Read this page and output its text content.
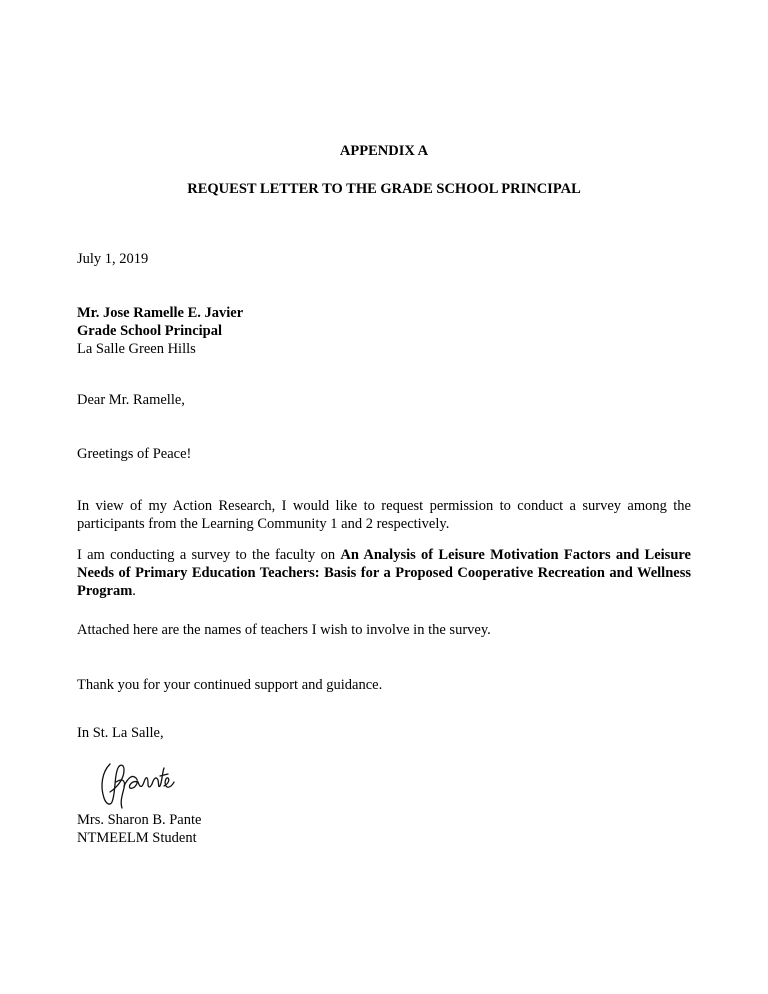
APPENDIX A
REQUEST LETTER TO THE GRADE SCHOOL PRINCIPAL
July 1, 2019
Mr. Jose Ramelle E. Javier
Grade School Principal
La Salle Green Hills
Dear Mr. Ramelle,
Greetings of Peace!
In view of my Action Research, I would like to request permission to conduct a survey among the participants from the Learning Community 1 and 2 respectively.
I am conducting a survey to the faculty on An Analysis of Leisure Motivation Factors and Leisure Needs of Primary Education Teachers: Basis for a Proposed Cooperative Recreation and Wellness Program.
Attached here are the names of teachers I wish to involve in the survey.
Thank you for your continued support and guidance.
In St. La Salle,
Mrs. Sharon B. Pante
NTMEELM Student
